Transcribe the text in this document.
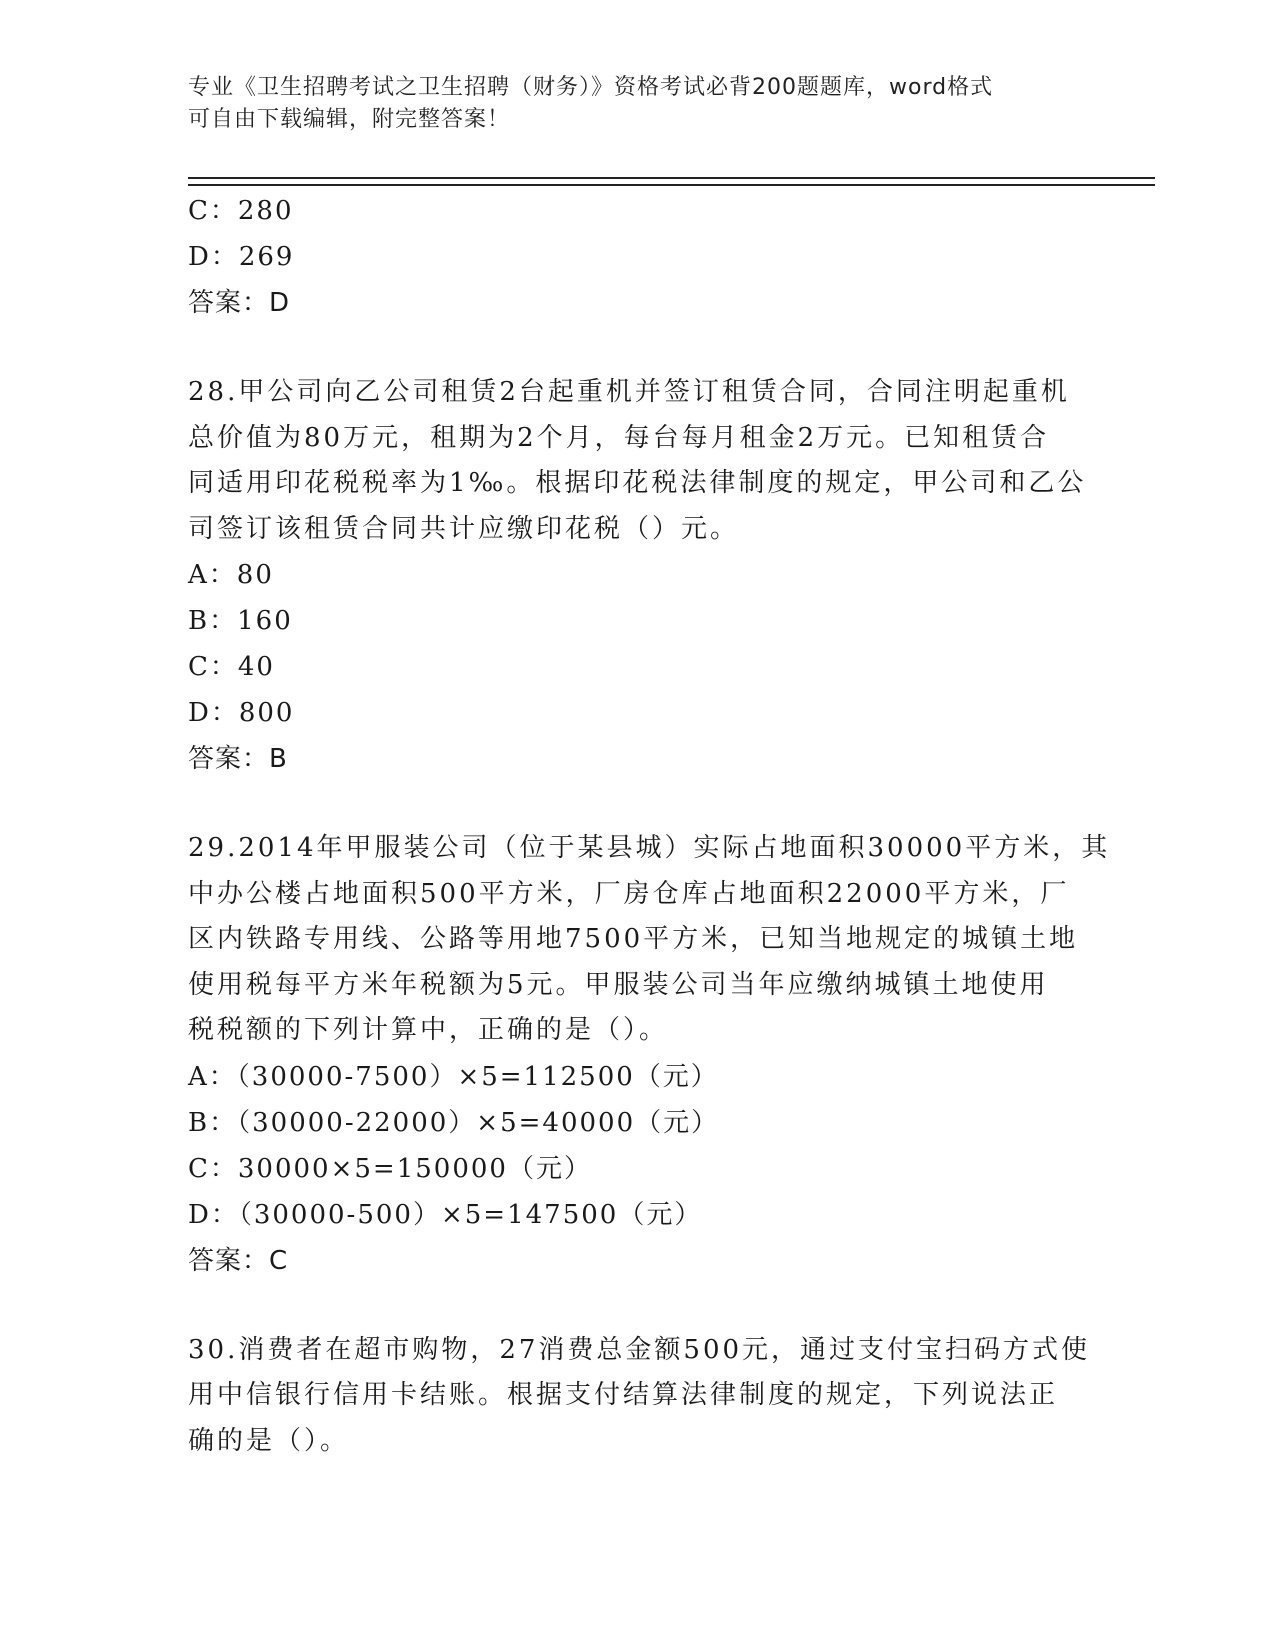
专业《卫生招聘考试之卫生招聘（财务）》资格考试必背200题题库，word格式
可自由下载编辑，附完整答案！
C：280
D：269
答案：D
28.甲公司向乙公司租赁2台起重机并签订租赁合同，合同注明起重机
总价值为80万元，租期为2个月，每台每月租金2万元。已知租赁合
同适用印花税税率为1‰。根据印花税法律制度的规定，甲公司和乙公
司签订该租赁合同共计应缴印花税（）元。
A：80
B：160
C：40
D：800
答案：B
29.2014年甲服装公司（位于某县城）实际占地面积30000平方米，其
中办公楼占地面积500平方米，厂房仓库占地面积22000平方米，厂
区内铁路专用线、公路等用地7500平方米，已知当地规定的城镇土地
使用税每平方米年税额为5元。甲服装公司当年应缴纳城镇土地使用
税税额的下列计算中，正确的是（）。
A：（30000-7500）×5=112500（元）
B：（30000-22000）×5=40000（元）
C：30000×5=150000（元）
D：（30000-500）×5=147500（元）
答案：C
30.消费者在超市购物，27消费总金额500元，通过支付宝扫码方式使
用中信银行信用卡结账。根据支付结算法律制度的规定，下列说法正
确的是（）。
